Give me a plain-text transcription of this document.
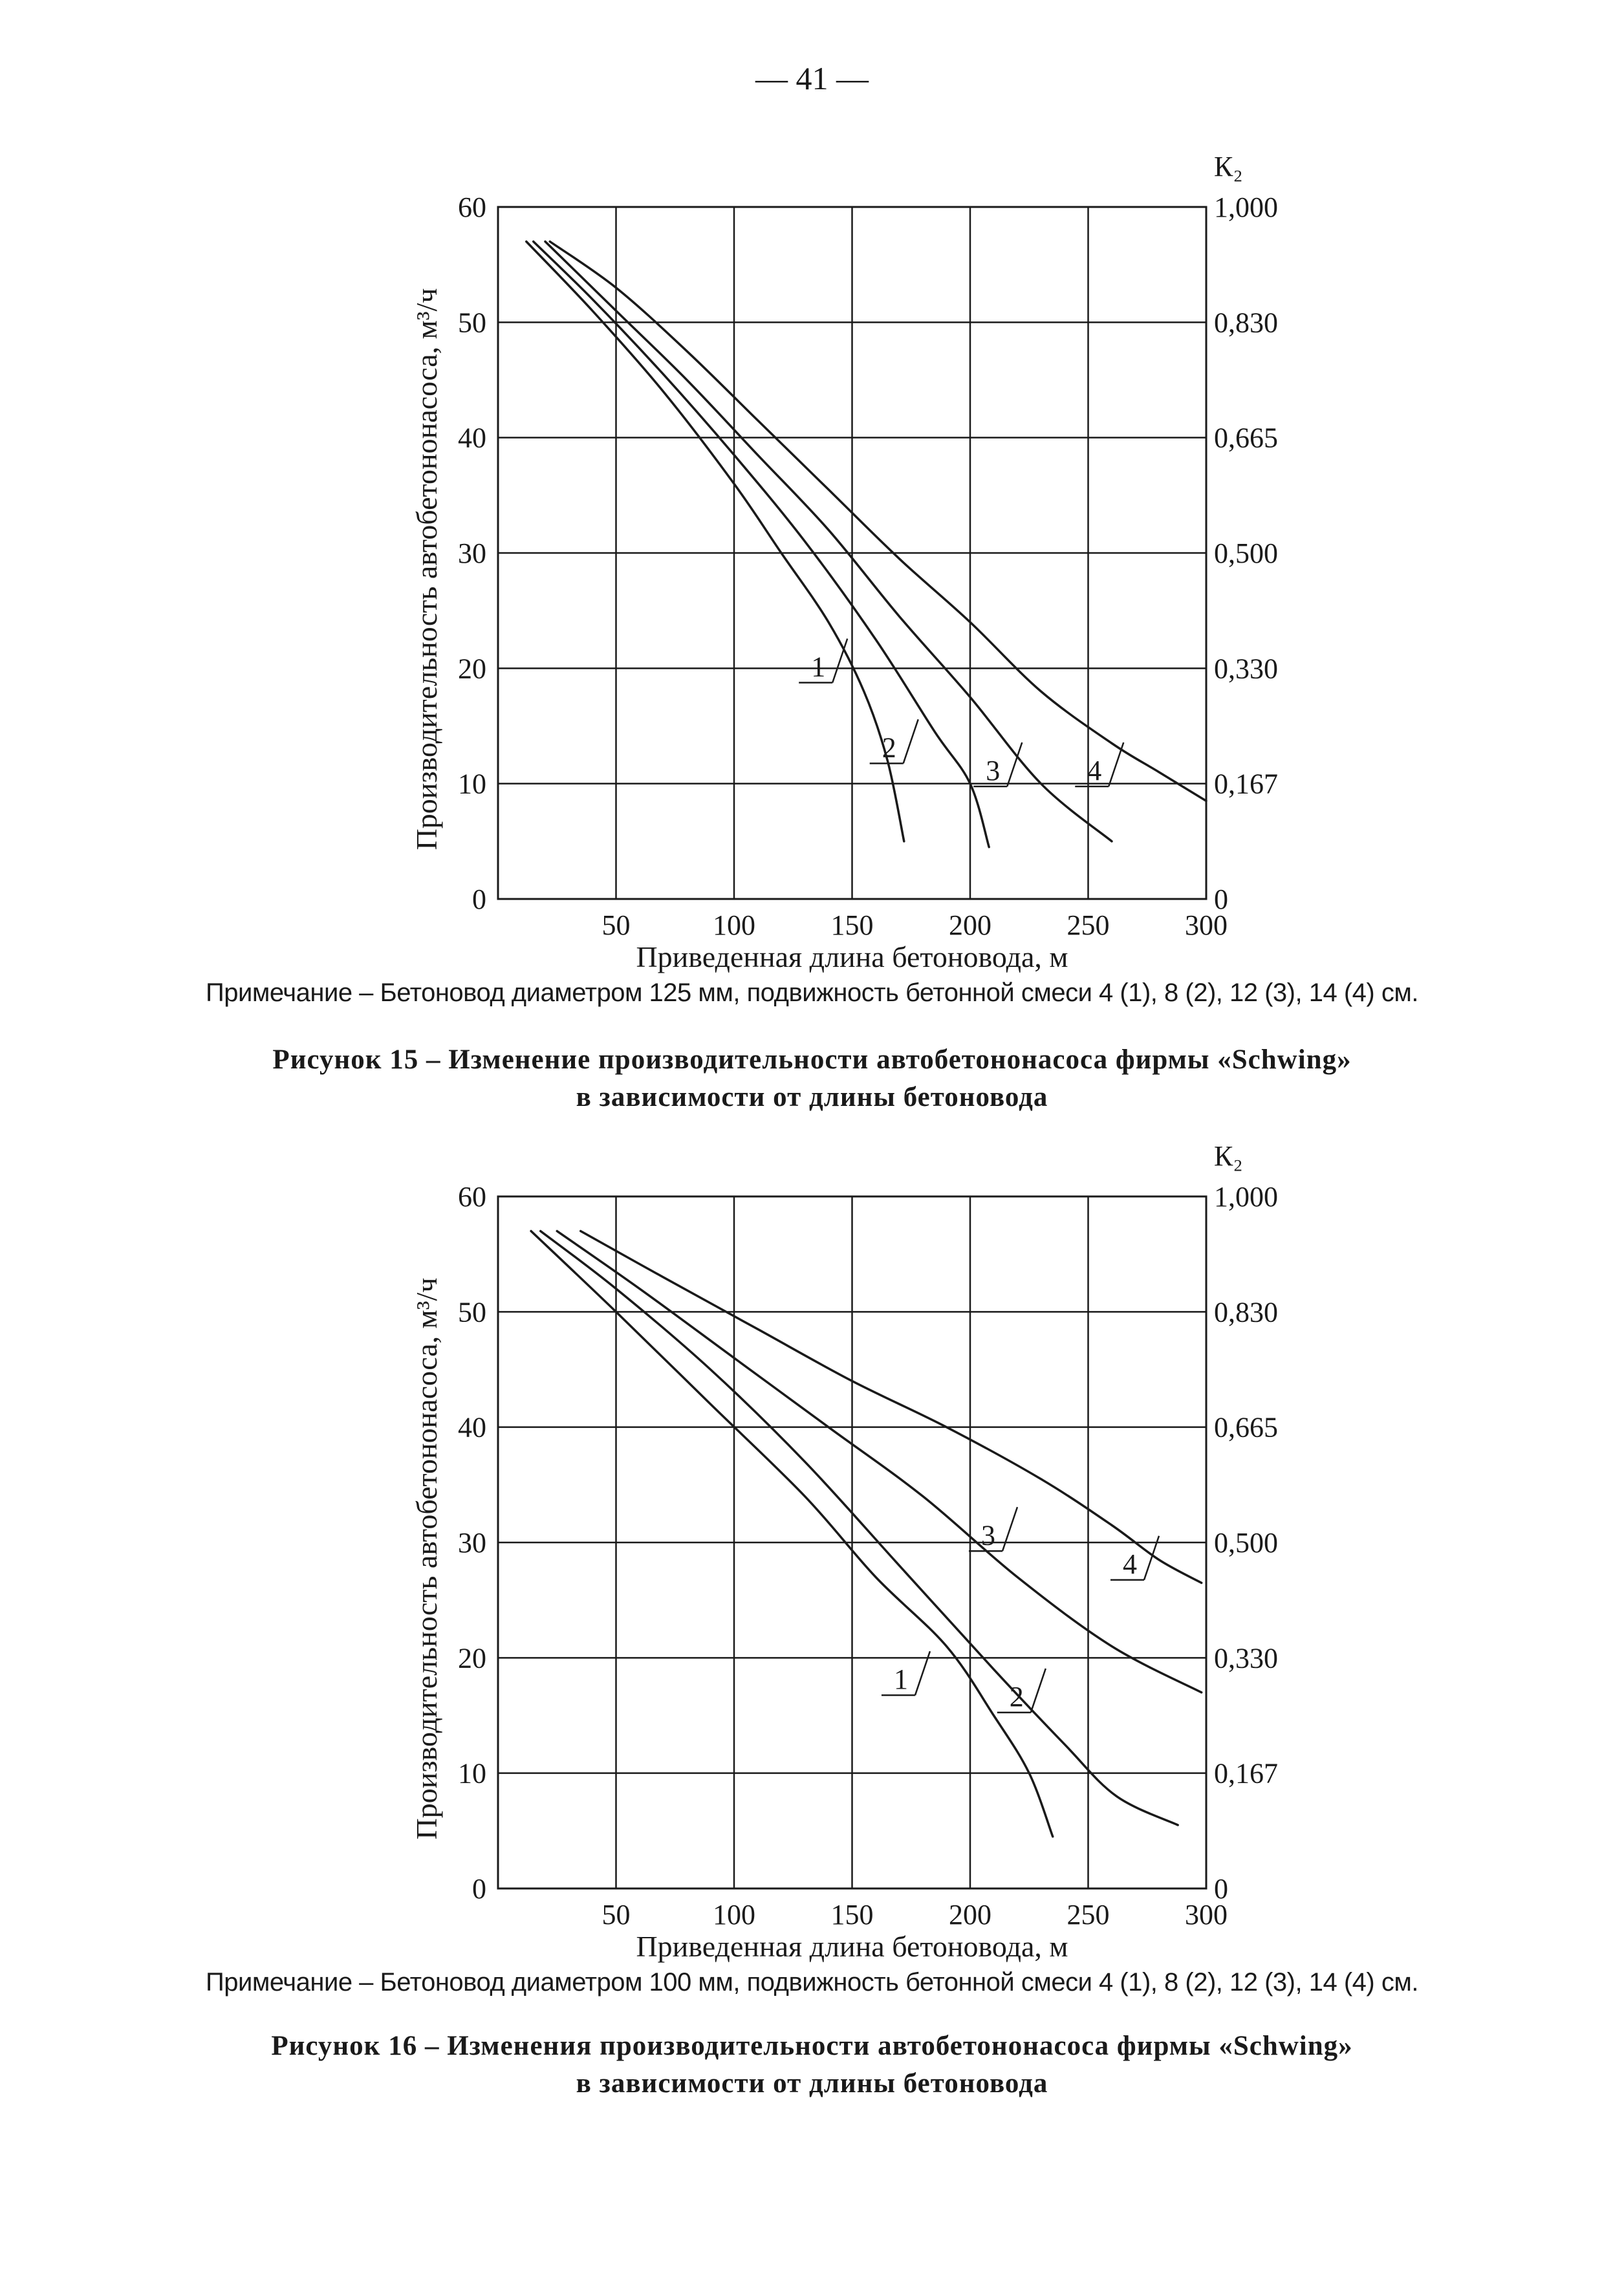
— 41 —
50	100	150	200	250	300
0	0
10	0,167
20	0,330
30	0,500
40	0,665
50	0,830
60	1,000
К₂
Приведенная длина бетоновода, м
Производительность автобетононасоса, м³/ч	1
2
3	4
Примечание – Бетоновод диаметром 125 мм, подвижность бетонной смеси 4 (1), 8 (2), 12 (3), 14 (4) см.
Рисунок 15 – Изменение производительности автобетононасоса фирмы «Schwing»
в зависимости от длины бетоновода
50	100	150	200	250	300
0	0
10	0,167
20	0,330
30	0,500
40	0,665
50	0,830
60	1,000
К₂
Приведенная длина бетоновода, м
Производительность автобетононасоса, м³/ч	1
2
3
4
Примечание – Бетоновод диаметром 100 мм, подвижность бетонной смеси 4 (1), 8 (2), 12 (3), 14 (4) см.
Рисунок 16 – Изменения производительности автобетононасоса фирмы «Schwing»
в зависимости от длины бетоновода
